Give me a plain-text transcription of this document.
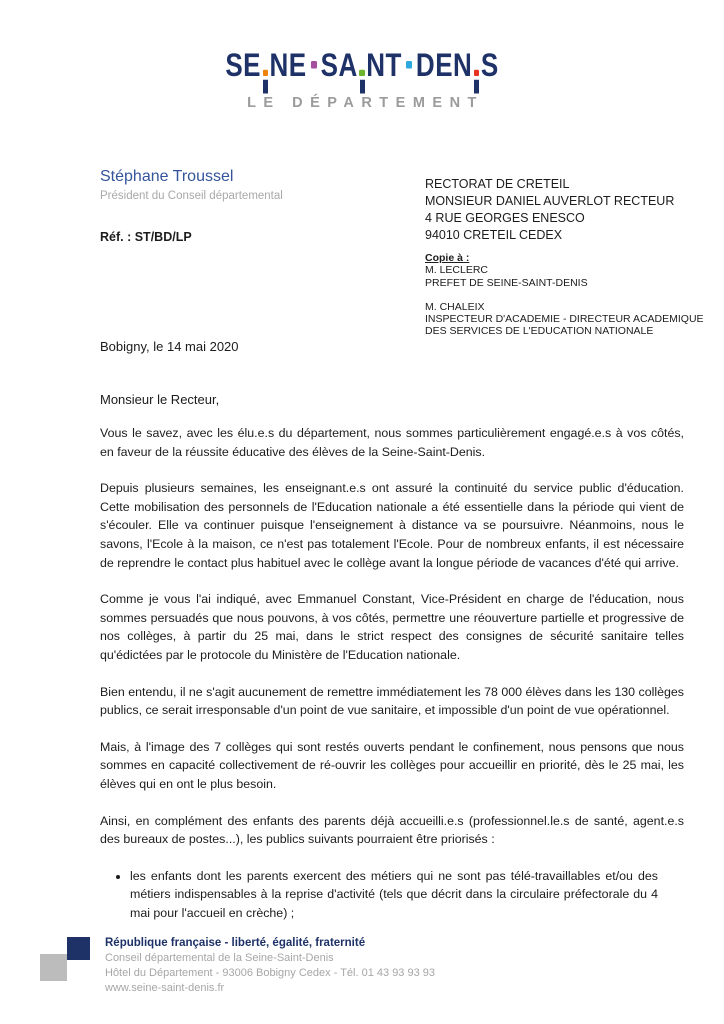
SE NE SA NT DEN S
LE DÉPARTEMENT
Stéphane Troussel
Président du Conseil départemental
Réf. : ST/BD/LP
RECTORAT DE CRETEIL
MONSIEUR DANIEL AUVERLOT RECTEUR
4 RUE GEORGES ENESCO
94010 CRETEIL CEDEX
Copie à :
M. LECLERC
PREFET DE SEINE-SAINT-DENIS
M. CHALEIX
INSPECTEUR D'ACADEMIE - DIRECTEUR ACADEMIQUE
DES SERVICES DE L'EDUCATION NATIONALE
Bobigny, le 14 mai 2020
Monsieur le Recteur,

Vous le savez, avec les élu.e.s du département, nous sommes particulièrement engagé.e.s à vos côtés, en faveur de la réussite éducative des élèves de la Seine-Saint-Denis.

Depuis plusieurs semaines, les enseignant.e.s ont assuré la continuité du service public d'éducation. Cette mobilisation des personnels de l'Education nationale a été essentielle dans la période qui vient de s'écouler. Elle va continuer puisque l'enseignement à distance va se poursuivre. Néanmoins, nous le savons, l'Ecole à la maison, ce n'est pas totalement l'Ecole. Pour de nombreux enfants, il est nécessaire de reprendre le contact plus habituel avec le collège avant la longue période de vacances d'été qui arrive.

Comme je vous l'ai indiqué, avec Emmanuel Constant, Vice-Président en charge de l'éducation, nous sommes persuadés que nous pouvons, à vos côtés, permettre une réouverture partielle et progressive de nos collèges, à partir du 25 mai, dans le strict respect des consignes de sécurité sanitaire telles qu'édictées par le protocole du Ministère de l'Education nationale.

Bien entendu, il ne s'agit aucunement de remettre immédiatement les 78 000 élèves dans les 130 collèges publics, ce serait irresponsable d'un point de vue sanitaire, et impossible d'un point de vue opérationnel.

Mais, à l'image des 7 collèges qui sont restés ouverts pendant le confinement, nous pensons que nous sommes en capacité collectivement de ré-ouvrir les collèges pour accueillir en priorité, dès le 25 mai, les élèves qui en ont le plus besoin.

Ainsi, en complément des enfants des parents déjà accueilli.e.s (professionnel.le.s de santé, agent.e.s des bureaux de postes...), les publics suivants pourraient être priorisés :

• les enfants dont les parents exercent des métiers qui ne sont pas télé-travaillables et/ou des métiers indispensables à la reprise d'activité (tels que décrit dans la circulaire préfectorale du 4 mai pour l'accueil en crèche) ;
République française - liberté, égalité, fraternité
Conseil départemental de la Seine-Saint-Denis
Hôtel du Département - 93006 Bobigny Cedex - Tél. 01 43 93 93 93
www.seine-saint-denis.fr
